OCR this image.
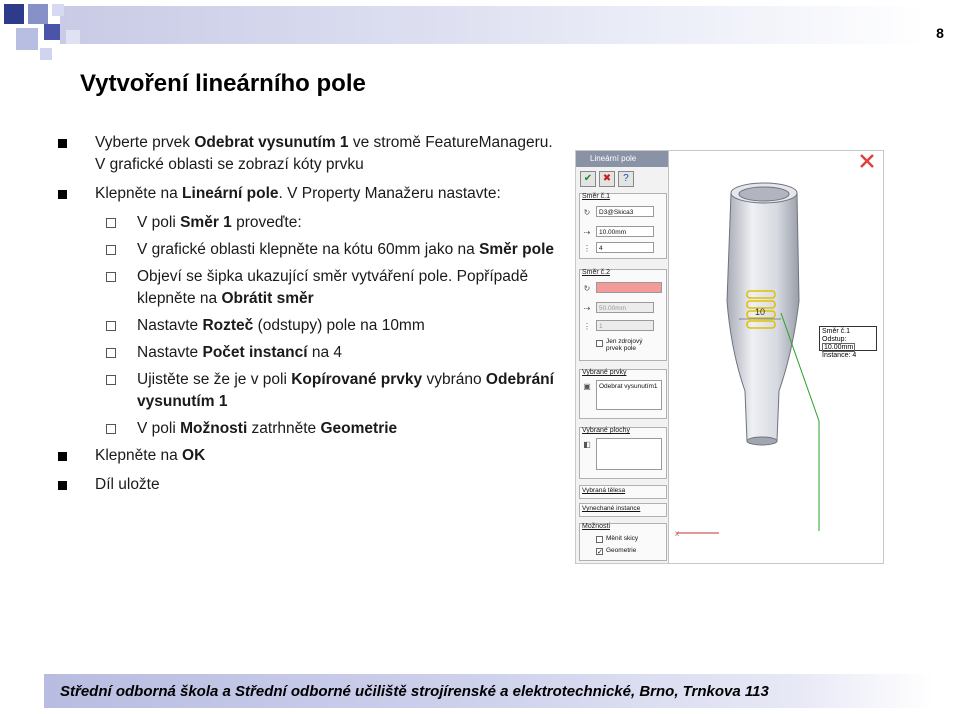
8
Vytvoření lineárního pole
Vyberte prvek Odebrat vysunutím 1 ve stromě FeatureManageru. V grafické oblasti se zobrazí kóty prvku
Klepněte na Lineární pole. V Property Manažeru nastavte:
V poli Směr 1 proveďte:
V grafické oblasti klepněte na kótu 60mm jako na Směr pole
Objeví se šipka ukazující směr vytváření pole. Popřípadě klepněte na Obrátit směr
Nastavte Rozteč (odstupy) pole na 10mm
Nastavte Počet instancí na 4
Ujistěte se že je v poli Kopírované prvky vybráno Odebrání vysunutím 1
V poli Možnosti zatrhněte Geometrie
Klepněte na OK
Díl uložte
Lineární pole
✔ ✖ ?
Směr č.1
↻	D3@Skica3
⇢	10.00mm
⋮	4
Směr č.2
↻
⇢	50.00mm
⋮	1
Jen zdrojový prvek pole
Vybrané prvky
▣	Odebrat vysunutím1
Vybrané plochy
◧
Vybraná tělesa
Vynechané instance
Možnosti
Měnit skicy
✓ Geometrie
X
10
Směr č.1
Odstup: 10.00mm
Instance: 4
Střední odborná škola a Střední odborné učiliště strojírenské a elektrotechnické, Brno, Trnkova 113
